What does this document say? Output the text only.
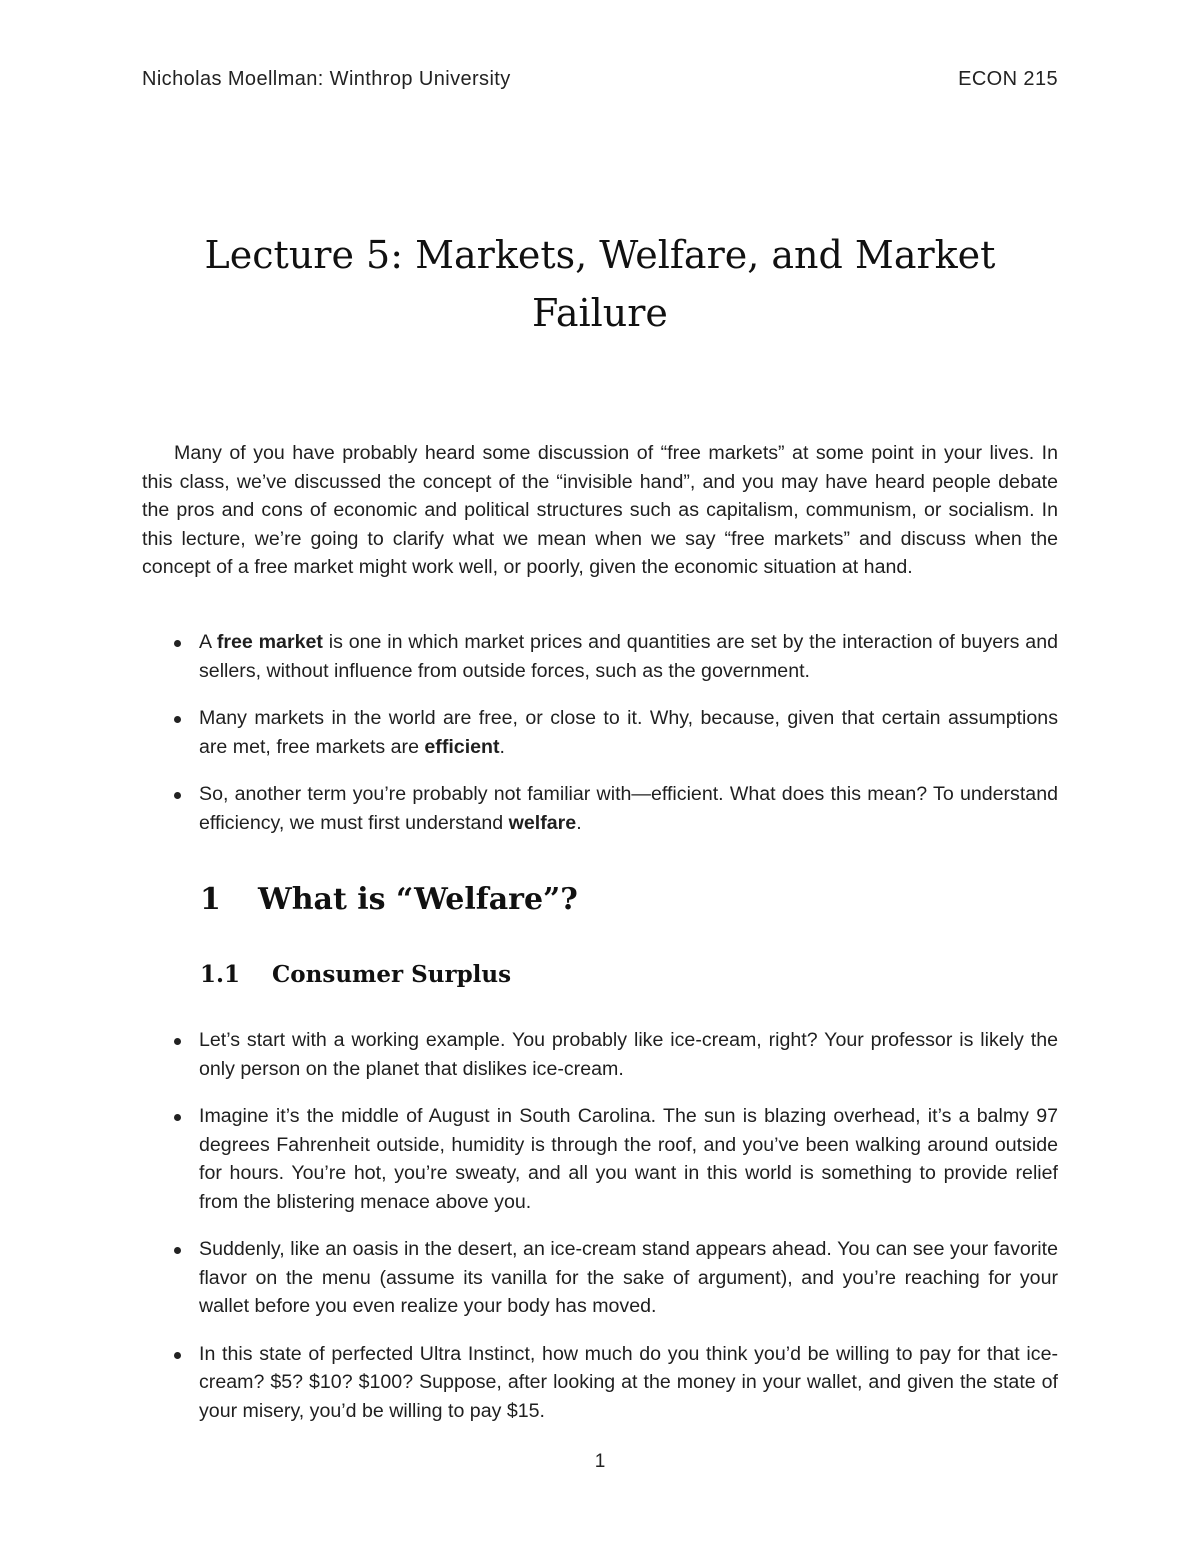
Nicholas Moellman: Winthrop University	ECON 215
Lecture 5: Markets, Welfare, and Market Failure

Many of you have probably heard some discussion of “free markets” at some point in your lives. In this class, we’ve discussed the concept of the “invisible hand”, and you may have heard people debate the pros and cons of economic and political structures such as capitalism, communism, or socialism. In this lecture, we’re going to clarify what we mean when we say “free markets” and discuss when the concept of a free market might work well, or poorly, given the economic situation at hand.

A free market is one in which market prices and quantities are set by the interaction of buyers and sellers, without influence from outside forces, such as the government.
Many markets in the world are free, or close to it. Why, because, given that certain assumptions are met, free markets are efficient.
So, another term you’re probably not familiar with—efficient. What does this mean? To understand efficiency, we must first understand welfare.
1	What is “Welfare”?
1.1	Consumer Surplus
Let’s start with a working example. You probably like ice-cream, right? Your professor is likely the only person on the planet that dislikes ice-cream.
Imagine it’s the middle of August in South Carolina. The sun is blazing overhead, it’s a balmy 97 degrees Fahrenheit outside, humidity is through the roof, and you’ve been walking around outside for hours. You’re hot, you’re sweaty, and all you want in this world is something to provide relief from the blistering menace above you.
Suddenly, like an oasis in the desert, an ice-cream stand appears ahead. You can see your favorite flavor on the menu (assume its vanilla for the sake of argument), and you’re reaching for your wallet before you even realize your body has moved.
In this state of perfected Ultra Instinct, how much do you think you’d be willing to pay for that ice-cream? $5? $10? $100? Suppose, after looking at the money in your wallet, and given the state of your misery, you’d be willing to pay $15.
1
